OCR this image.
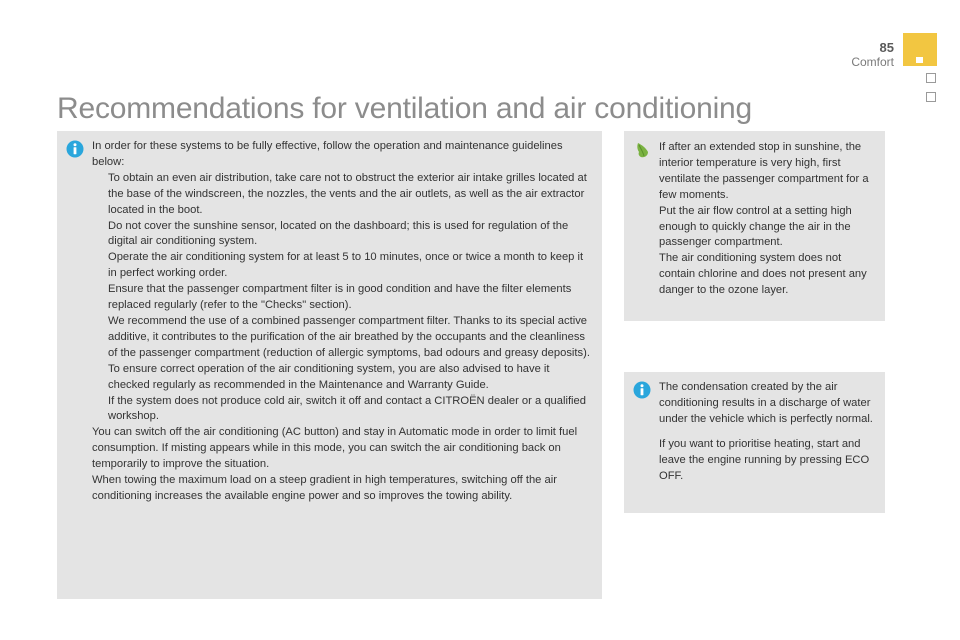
85
Comfort
Recommendations for ventilation and air conditioning

In order for these systems to be fully effective, follow the operation and maintenance guidelines below:

To obtain an even air distribution, take care not to obstruct the exterior air intake grilles located at the base of the windscreen, the nozzles, the vents and the air outlets, as well as the air extractor located in the boot.
Do not cover the sunshine sensor, located on the dashboard; this is used for regulation of the digital air conditioning system.
Operate the air conditioning system for at least 5 to 10 minutes, once or twice a month to keep it in perfect working order.
Ensure that the passenger compartment filter is in good condition and have the filter elements replaced regularly (refer to the "Checks" section).
We recommend the use of a combined passenger compartment filter. Thanks to its special active additive, it contributes to the purification of the air breathed by the occupants and the cleanliness of the passenger compartment (reduction of allergic symptoms, bad odours and greasy deposits).
To ensure correct operation of the air conditioning system, you are also advised to have it checked regularly as recommended in the Maintenance and Warranty Guide.
If the system does not produce cold air, switch it off and contact a CITROËN dealer or a qualified workshop.

You can switch off the air conditioning (AC button) and stay in Automatic mode in order to limit fuel consumption. If misting appears while in this mode, you can switch the air conditioning back on temporarily to improve the situation.

When towing the maximum load on a steep gradient in high temperatures, switching off the air conditioning increases the available engine power and so improves the towing ability.

If after an extended stop in sunshine, the interior temperature is very high, first ventilate the passenger compartment for a few moments.

Put the air flow control at a setting high enough to quickly change the air in the passenger compartment.

The air conditioning system does not contain chlorine and does not present any danger to the ozone layer.

The condensation created by the air conditioning results in a discharge of water under the vehicle which is perfectly normal.

If you want to prioritise heating, start and leave the engine running by pressing ECO OFF.
